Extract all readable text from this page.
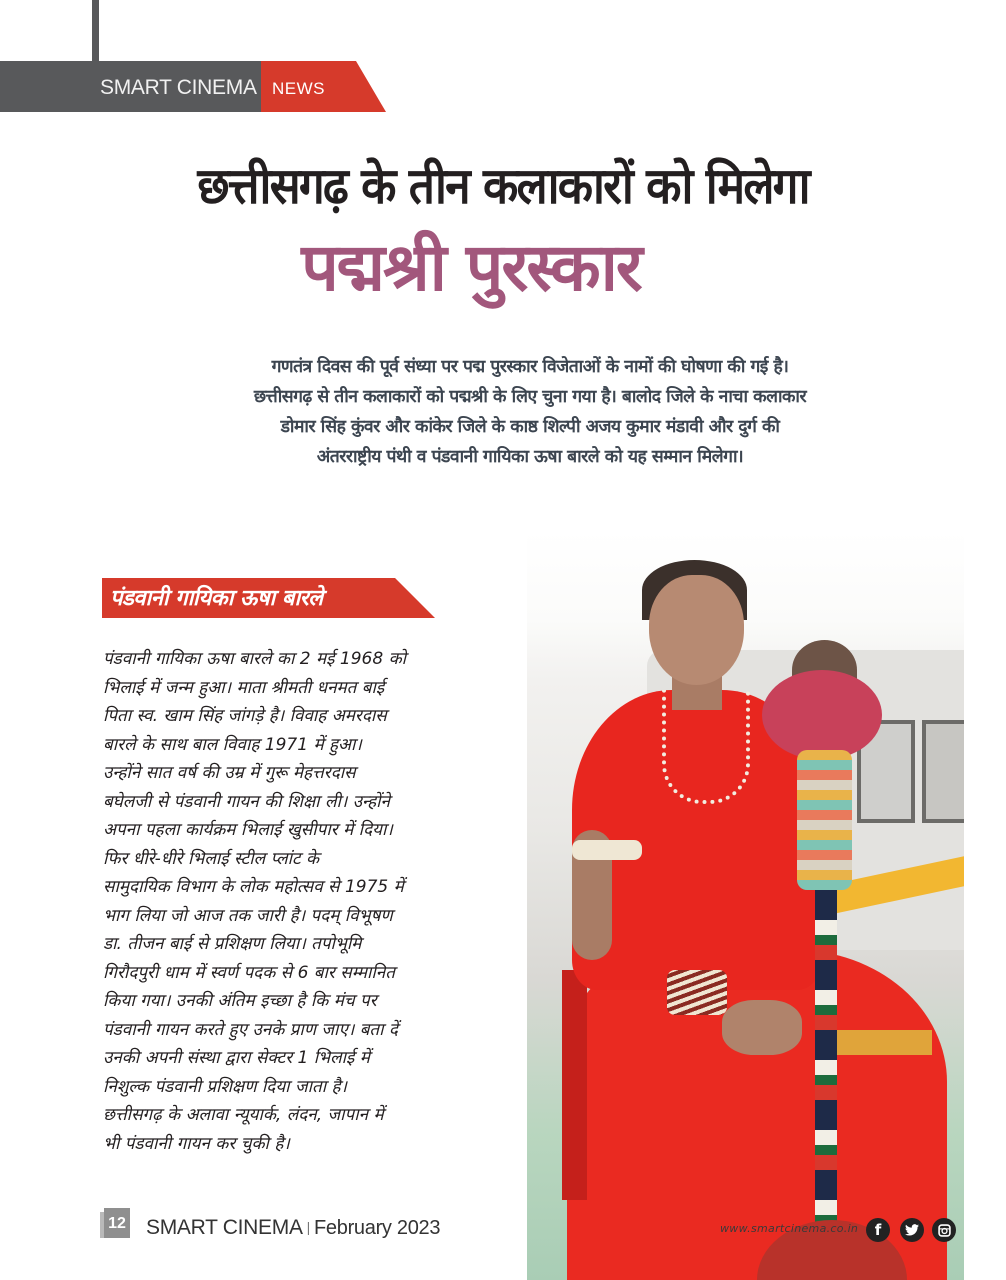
SMART CINEMA NEWS
छत्तीसगढ़ के तीन कलाकारों को मिलेगा
पद्मश्री पुरस्कार
गणतंत्र दिवस की पूर्व संध्या पर पद्म पुरस्कार विजेताओं के नामों की घोषणा की गई है।
छत्तीसगढ़ से तीन कलाकारों को पद्मश्री के लिए चुना गया है। बालोद जिले के नाचा कलाकार
डोमार सिंह कुंवर और कांकेर जिले के काष्ठ शिल्पी अजय कुमार मंडावी और दुर्ग की
अंतरराष्ट्रीय पंथी व पंडवानी गायिका ऊषा बारले को यह सम्मान मिलेगा।
पंडवानी गायिका ऊषा बारले
पंडवानी गायिका ऊषा बारले का 2 मई 1968 को
भिलाई में जन्म हुआ। माता श्रीमती धनमत बाई
पिता स्व. खाम सिंह जांगड़े है। विवाह अमरदास
बारले के साथ बाल विवाह 1971 में हुआ।
उन्होंने सात वर्ष की उम्र में गुरू मेहत्तरदास
बघेलजी से पंडवानी गायन की शिक्षा ली। उन्होंने
अपना पहला कार्यक्रम भिलाई खुसीपार में दिया।
फिर धीरे-धीरे भिलाई स्टील प्लांट के
सामुदायिक विभाग के लोक महोत्सव से 1975 में
भाग लिया जो आज तक जारी है। पदम् विभूषण
डा. तीजन बाई से प्रशिक्षण लिया। तपोभूमि
गिरौदपुरी धाम में स्वर्ण पदक से 6 बार सम्मानित
किया गया। उनकी अंतिम इच्छा है कि मंच पर
पंडवानी गायन करते हुए उनके प्राण जाए। बता दें
उनकी अपनी संस्था द्वारा सेक्टर 1 भिलाई में
निशुल्क पंडवानी प्रशिक्षण दिया जाता है।
छत्तीसगढ़ के अलावा न्यूयार्क, लंदन, जापान में
भी पंडवानी गायन कर चुकी है।
www.smartcinema.co.in	f
12 SMART CINEMA | February 2023
